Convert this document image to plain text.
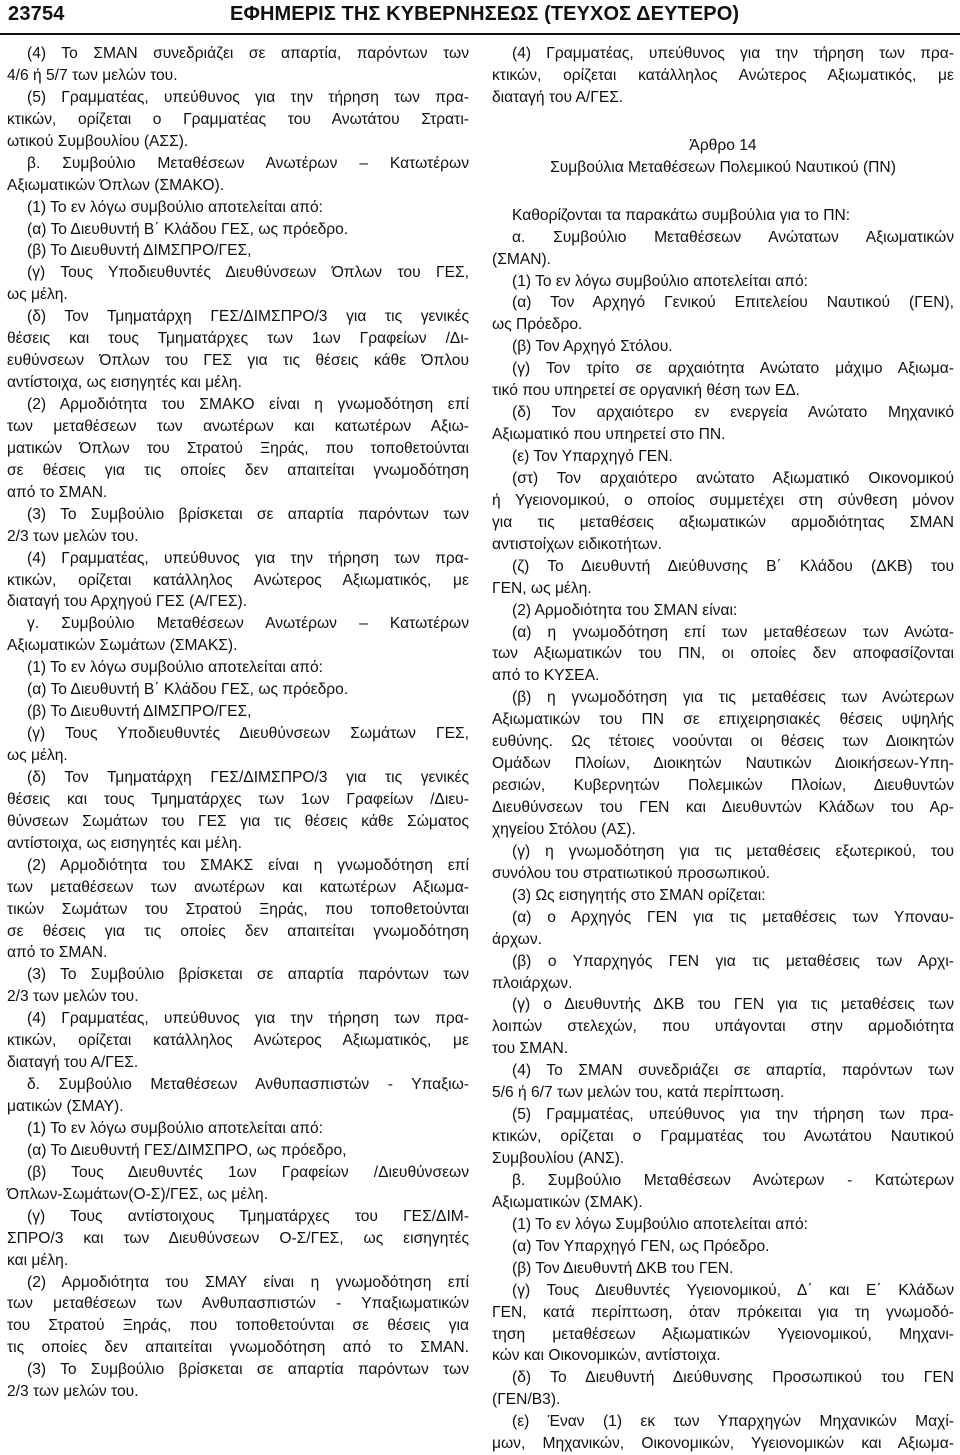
23754	ΕΦΗΜΕΡΙΣ ΤΗΣ ΚΥΒΕΡΝΗΣΕΩΣ (ΤΕΥΧΟΣ ΔΕΥΤΕΡΟ)
(4) Το ΣΜΑΝ συνεδριάζει σε απαρτία, παρόντων των
4/6 ή 5/7 των μελών του.
(5) Γραμματέας, υπεύθυνος για την τήρηση των πρα-
κτικών, ορίζεται ο Γραμματέας του Ανωτάτου Στρατι-
ωτικού Συμβουλίου (ΑΣΣ).
β. Συμβούλιο Μεταθέσεων Ανωτέρων – Κατωτέρων
Αξιωματικών Όπλων (ΣΜΑΚΟ).
(1) Το εν λόγω συμβούλιο αποτελείται από:
(α) Το Διευθυντή Β΄ Κλάδου ΓΕΣ, ως πρόεδρο.
(β) Το Διευθυντή ΔΙΜΣΠΡΟ/ΓΕΣ,
(γ) Τους Υποδιευθυντές Διευθύνσεων Όπλων του ΓΕΣ,
ως μέλη.
(δ) Τον Τμηματάρχη ΓΕΣ/ΔΙΜΣΠΡΟ/3 για τις γενικές
θέσεις και τους Τμηματάρχες των 1ων Γραφείων /Δι-
ευθύνσεων Όπλων του ΓΕΣ για τις θέσεις κάθε Όπλου
αντίστοιχα, ως εισηγητές και μέλη.
(2) Αρμοδιότητα του ΣΜΑΚΟ είναι η γνωμοδότηση επί
των μεταθέσεων των ανωτέρων και κατωτέρων Αξιω-
ματικών Όπλων του Στρατού Ξηράς, που τοποθετούνται
σε θέσεις για τις οποίες δεν απαιτείται γνωμοδότηση
από το ΣΜΑΝ.
(3) Το Συμβούλιο βρίσκεται σε απαρτία παρόντων των
2/3 των μελών του.
(4) Γραμματέας, υπεύθυνος για την τήρηση των πρα-
κτικών, ορίζεται κατάλληλος Ανώτερος Αξιωματικός, με
διαταγή του Αρχηγού ΓΕΣ (Α/ΓΕΣ).
γ. Συμβούλιο Μεταθέσεων Ανωτέρων – Κατωτέρων
Αξιωματικών Σωμάτων (ΣΜΑΚΣ).
(1) Το εν λόγω συμβούλιο αποτελείται από:
(α) Το Διευθυντή Β΄ Κλάδου ΓΕΣ, ως πρόεδρο.
(β) Το Διευθυντή ΔΙΜΣΠΡΟ/ΓΕΣ,
(γ) Τους Υποδιευθυντές Διευθύνσεων Σωμάτων ΓΕΣ,
ως μέλη.
(δ) Τον Τμηματάρχη ΓΕΣ/ΔΙΜΣΠΡΟ/3 για τις γενικές
θέσεις και τους Τμηματάρχες των 1ων Γραφείων /Διευ-
θύνσεων Σωμάτων του ΓΕΣ για τις θέσεις κάθε Σώματος
αντίστοιχα, ως εισηγητές και μέλη.
(2) Αρμοδιότητα του ΣΜΑΚΣ είναι η γνωμοδότηση επί
των μεταθέσεων των ανωτέρων και κατωτέρων Αξιωμα-
τικών Σωμάτων του Στρατού Ξηράς, που τοποθετούνται
σε θέσεις για τις οποίες δεν απαιτείται γνωμοδότηση
από το ΣΜΑΝ.
(3) Το Συμβούλιο βρίσκεται σε απαρτία παρόντων των
2/3 των μελών του.
(4) Γραμματέας, υπεύθυνος για την τήρηση των πρα-
κτικών, ορίζεται κατάλληλος Ανώτερος Αξιωματικός, με
διαταγή του Α/ΓΕΣ.
δ. Συμβούλιο Μεταθέσεων Ανθυπασπιστών - Υπαξιω-
ματικών (ΣΜΑΥ).
(1) Το εν λόγω συμβούλιο αποτελείται από:
(α) Το Διευθυντή ΓΕΣ/ΔΙΜΣΠΡΟ, ως πρόεδρο,
(β) Τους Διευθυντές 1ων Γραφείων /Διευθύνσεων
Όπλων-Σωμάτων(Ο-Σ)/ΓΕΣ, ως μέλη.
(γ) Τους αντίστοιχους Τμηματάρχες του ΓΕΣ/ΔΙΜ-
ΣΠΡΟ/3 και των Διευθύνσεων Ο-Σ/ΓΕΣ, ως εισηγητές
και μέλη.
(2) Αρμοδιότητα του ΣΜΑΥ είναι η γνωμοδότηση επί
των μεταθέσεων των Ανθυπασπιστών - Υπαξιωματικών
του Στρατού Ξηράς, που τοποθετούνται σε θέσεις για
τις οποίες δεν απαιτείται γνωμοδότηση από το ΣΜΑΝ.
(3) Το Συμβούλιο βρίσκεται σε απαρτία παρόντων των
2/3 των μελών του.
(4) Γραμματέας, υπεύθυνος για την τήρηση των πρα-
κτικών, ορίζεται κατάλληλος Ανώτερος Αξιωματικός, με
διαταγή του Α/ΓΕΣ.
Άρθρο 14
Συμβούλια Μεταθέσεων Πολεμικού Ναυτικού (ΠΝ)
Καθορίζονται τα παρακάτω συμβούλια για το ΠΝ:
α. Συμβούλιο Μεταθέσεων Ανώτατων Αξιωματικών
(ΣΜΑΝ).
(1) Το εν λόγω συμβούλιο αποτελείται από:
(α) Τον Αρχηγό Γενικού Επιτελείου Ναυτικού (ΓΕΝ),
ως Πρόεδρο.
(β) Τον Αρχηγό Στόλου.
(γ) Τον τρίτο σε αρχαιότητα Ανώτατο μάχιμο Αξιωμα-
τικό που υπηρετεί σε οργανική θέση των ΕΔ.
(δ) Τον αρχαιότερο εν ενεργεία Ανώτατο Μηχανικό
Αξιωματικό που υπηρετεί στο ΠΝ.
(ε) Τον Υπαρχηγό ΓΕΝ.
(στ) Τον αρχαιότερο ανώτατο Αξιωματικό Οικονομικού
ή Υγειονομικού, ο οποίος συμμετέχει στη σύνθεση μόνον
για τις μεταθέσεις αξιωματικών αρμοδιότητας ΣΜΑΝ
αντιστοίχων ειδικοτήτων.
(ζ) Το Διευθυντή Διεύθυνσης Β΄ Κλάδου (ΔΚΒ) του
ΓΕΝ, ως μέλη.
(2) Αρμοδιότητα του ΣΜΑΝ είναι:
(α) η γνωμοδότηση επί των μεταθέσεων των Ανώτα-
των Αξιωματικών του ΠΝ, οι οποίες δεν αποφασίζονται
από το ΚΥΣΕΑ.
(β) η γνωμοδότηση για τις μεταθέσεις των Ανώτερων
Αξιωματικών του ΠΝ σε επιχειρησιακές θέσεις υψηλής
ευθύνης. Ως τέτοιες νοούνται οι θέσεις των Διοικητών
Ομάδων Πλοίων, Διοικητών Ναυτικών Διοικήσεων-Υπη-
ρεσιών, Κυβερνητών Πολεμικών Πλοίων, Διευθυντών
Διευθύνσεων του ΓΕΝ και Διευθυντών Κλάδων του Αρ-
χηγείου Στόλου (ΑΣ).
(γ) η γνωμοδότηση για τις μεταθέσεις εξωτερικού, του
συνόλου του στρατιωτικού προσωπικού.
(3) Ως εισηγητής στο ΣΜΑΝ ορίζεται:
(α) ο Αρχηγός ΓΕΝ για τις μεταθέσεις των Υποναυ-
άρχων.
(β) ο Υπαρχηγός ΓΕΝ για τις μεταθέσεις των Αρχι-
πλοιάρχων.
(γ) ο Διευθυντής ΔΚΒ του ΓΕΝ για τις μεταθέσεις των
λοιπών στελεχών, που υπάγονται στην αρμοδιότητα
του ΣΜΑΝ.
(4) Το ΣΜΑΝ συνεδριάζει σε απαρτία, παρόντων των
5/6 ή 6/7 των μελών του, κατά περίπτωση.
(5) Γραμματέας, υπεύθυνος για την τήρηση των πρα-
κτικών, ορίζεται ο Γραμματέας του Ανωτάτου Ναυτικού
Συμβουλίου (ΑΝΣ).
β. Συμβούλιο Μεταθέσεων Ανώτερων - Κατώτερων
Αξιωματικών (ΣΜΑΚ).
(1) Το εν λόγω Συμβούλιο αποτελείται από:
(α) Τον Υπαρχηγό ΓΕΝ, ως Πρόεδρο.
(β) Τον Διευθυντή ΔΚΒ του ΓΕΝ.
(γ) Τους Διευθυντές Υγειονομικού, Δ΄ και Ε΄ Κλάδων
ΓΕΝ, κατά περίπτωση, όταν πρόκειται για τη γνωμοδό-
τηση μεταθέσεων Αξιωματικών Υγειονομικού, Μηχανι-
κών και Οικονομικών, αντίστοιχα.
(δ) Το Διευθυντή Διεύθυνσης Προσωπικού του ΓΕΝ
(ΓΕΝ/Β3).
(ε) Έναν (1) εκ των Υπαρχηγών Μηχανικών Μαχί-
μων, Μηχανικών, Οικονομικών, Υγειονομικών και Αξιωμα-
